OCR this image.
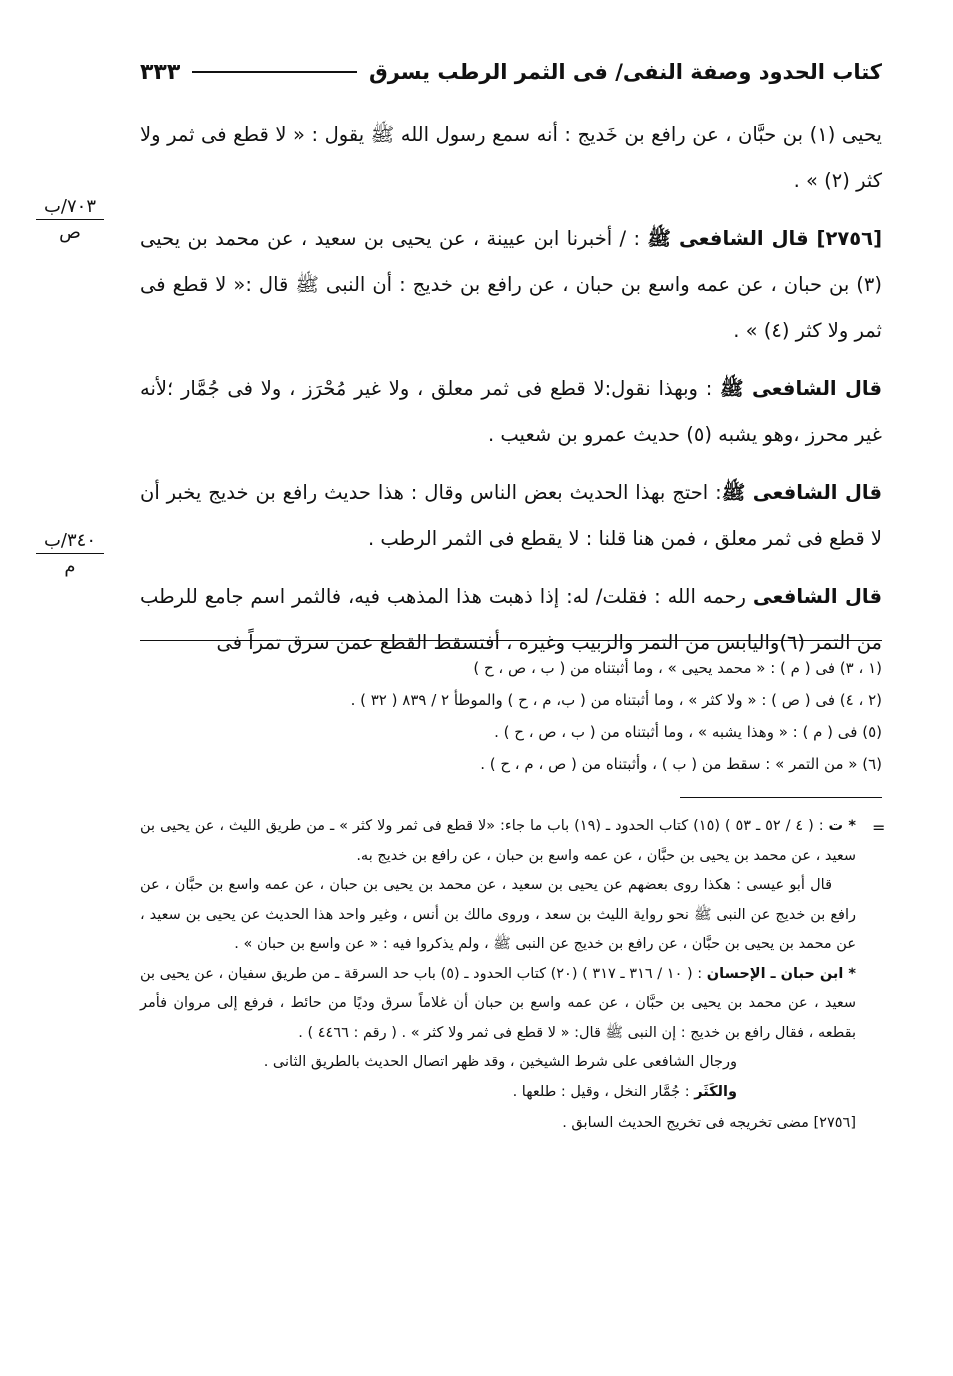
كتاب الحدود وصفة النفى/ فى الثمر الرطب يسرق
٣٣٣
٧٠٣/ب
ص
٣٤٠/ب
م

يحيى (١) بن حبَّان ، عن رافع بن خَديج : أنه سمع رسول الله ﷺ يقول : « لا قطع فى ثمر ولا كثر (٢) » .

[٢٧٥٦] قال الشافعى ﷺ : / أخبرنا ابن عيينة ، عن يحيى بن سعيد ، عن محمد بن يحيى (٣) بن حبان ، عن عمه واسع بن حبان ، عن رافع بن خديج : أن النبى ﷺ قال :« لا قطع فى ثمر ولا كثر (٤) » .

قال الشافعى ﷺ : وبهذا نقول:لا قطع فى ثمر معلق ، ولا غير مُحْرَز ، ولا فى جُمَّار ؛لأنه غير محرز ،وهو يشبه (٥) حديث عمرو بن شعيب .

قال الشافعى ﷺ: احتج بهذا الحديث بعض الناس وقال : هذا حديث رافع بن خديج يخبر أن لا قطع فى ثمر معلق ، فمن هنا قلنا : لا يقطع فى الثمر الرطب .

قال الشافعى رحمه الله : فقلت/ له: إذا ذهبت هذا المذهب فيه، فالثمر اسم جامع للرطب من التمر (٦)واليابس من التمر والزبيب وغيره ، أفتسقط القطع عمن سرق تمراً فى

(١ ، ٣) فى ( م ) : « محمد يحيى » ، وما أثبتناه من ( ب ، ص ، ح )
(٢ ، ٤) فى ( ص ) : « ولا كثر » ، وما أثبتناه من ( ب، م ، ح ) والموطأ ٢ / ٨٣٩ ( ٣٢ ) .
(٥) فى ( م ) : « وهذا يشبه » ، وما أثبتناه من ( ب ، ص ، ح ) .
(٦) « من التمر » : سقط من ( ب ) ، وأثبتناه من ( ص ، م ، ح ) .
=

* ت : ( ٤ / ٥٢ ـ ٥٣ ) (١٥) كتاب الحدود ـ (١٩) باب ما جاء: «لا قطع فى ثمر ولا كثر » ـ من طريق الليث ، عن يحيى بن سعيد ، عن محمد بن يحيى بن حبَّان ، عن عمه واسع بن حبان ، عن رافع بن خديج به.

قال أبو عيسى : هكذا روى بعضهم عن يحيى بن سعيد ، عن محمد بن يحيى بن حبان ، عن عمه واسع بن حبَّان ، عن رافع بن خديج عن النبى ﷺ نحو رواية الليث بن سعد ، وروى مالك بن أنس ، وغير واحد هذا الحديث عن يحيى بن سعيد ، عن محمد بن يحيى بن حبَّان ، عن رافع بن خديج عن النبى ﷺ ، ولم يذكروا فيه : « عن واسع بن حبان » .

* ابن حبان ـ الإحسان : ( ١٠ / ٣١٦ ـ ٣١٧ ) (٢٠) كتاب الحدود ـ (٥) باب حد السرقة ـ من طريق سفيان ، عن يحيى بن سعيد ، عن محمد بن يحيى بن حبَّان ، عن عمه واسع بن حبان أن غلاماً سرق وديًا من حائط ، فرفع إلى مروان فأمر بقطعه ، فقال رافع بن خديج : إن النبى ﷺ قال: « لا قطع فى ثمر ولا كثر » . ( رقم : ٤٤٦٦ ) .

ورجال الشافعى على شرط الشيخين ، وقد ظهر اتصال الحديث بالطريق الثانى .

والكَثَر : جُمَّار النخل ، وقيل : طلعها .

[٢٧٥٦] مضى تخريجه فى تخريج الحديث السابق .
